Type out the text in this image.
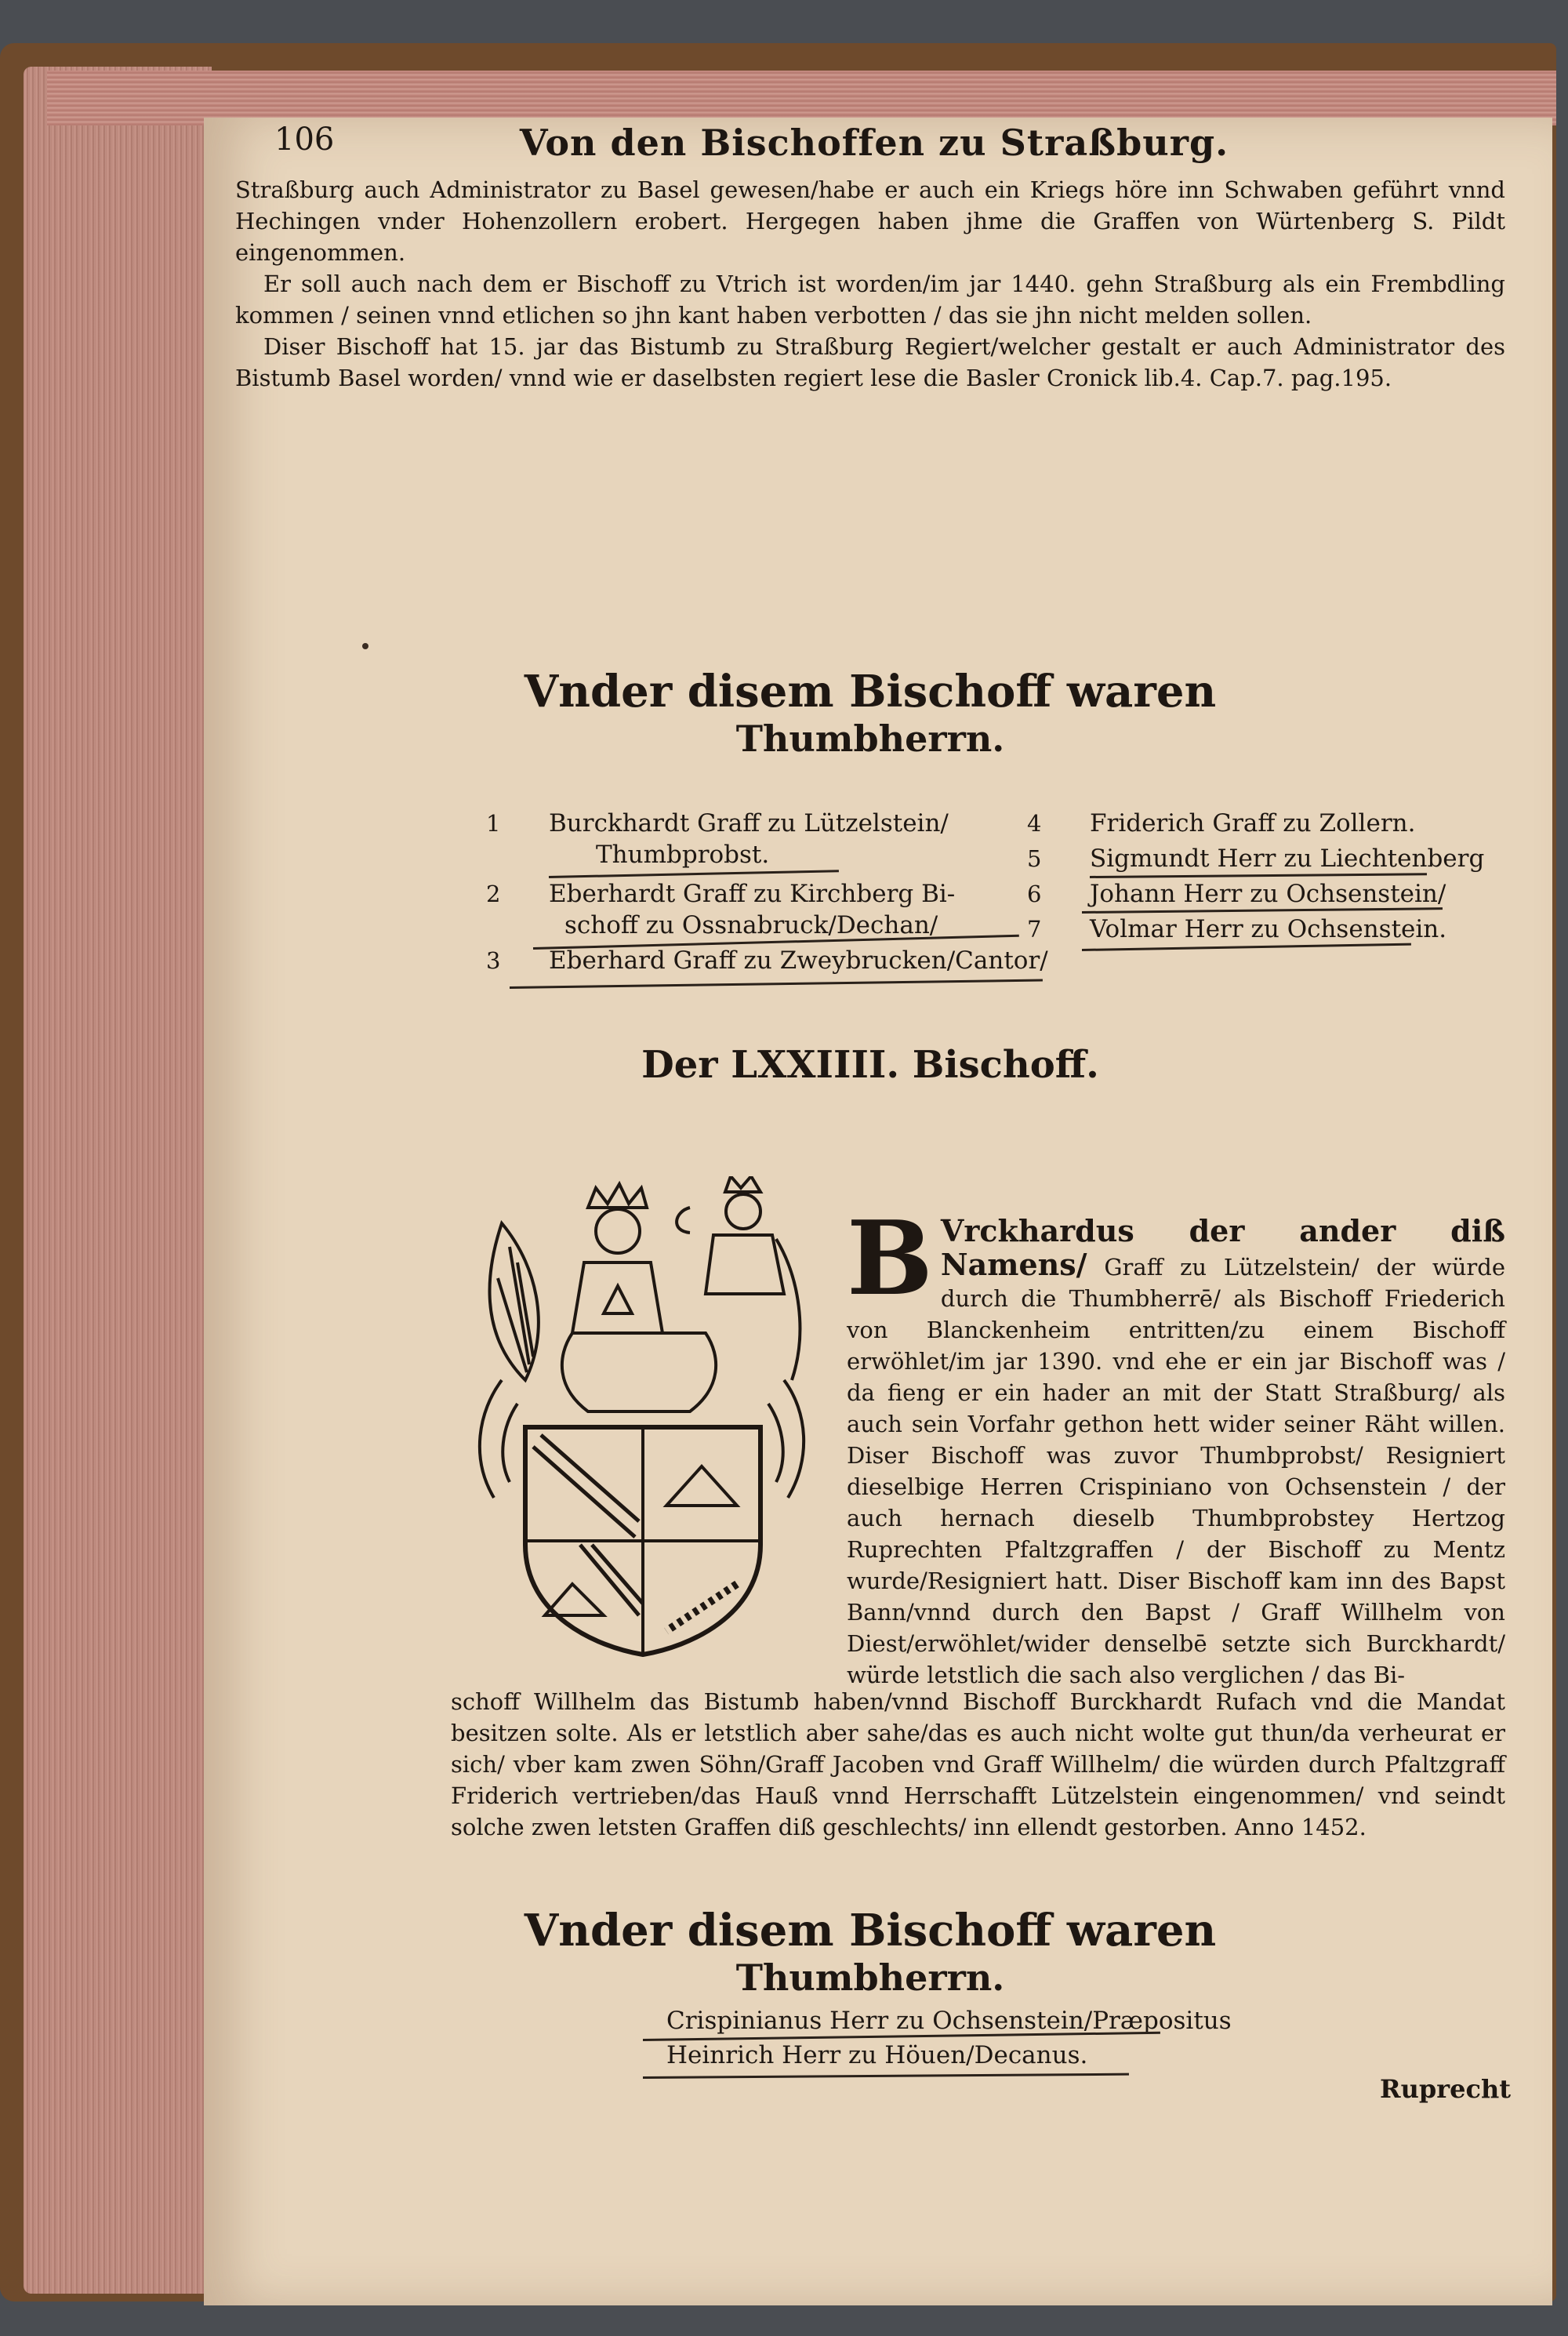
106	Von den Bischoffen zu Straßburg.

Straßburg auch Administrator zu Basel gewesen/habe er auch ein Kriegs höre inn Schwaben geführt vnnd Hechingen vnder Hohenzollern erobert. Hergegen haben jhme die Graffen von Würtenberg S. Pildt eingenommen.

Er soll auch nach dem er Bischoff zu Vtrich ist worden/im jar 1440. gehn Straßburg als ein Frembdling kommen / seinen vnnd etlichen so jhn kant haben verbotten / das sie jhn nicht melden sollen.

Diser Bischoff hat 15. jar das Bistumb zu Straßburg Regiert/welcher gestalt er auch Administrator des Bistumb Basel worden/ vnnd wie er daselbsten regiert lese die Basler Cronick lib.4. Cap.7. pag.195.

Vnder disem Bischoff waren
Thumbherrn.
1	Burckhardt Graff zu Lützelstein/
Thumbprobst.
2	Eberhardt Graff zu Kirchberg Bi-
schoff zu Ossnabruck/Dechan/
3	Eberhard Graff zu Zweybrucken/Cantor/
4	Friderich Graff zu Zollern.
5	Sigmundt Herr zu Liechtenberg
6	Johann Herr zu Ochsenstein/
7	Volmar Herr zu Ochsenstein.
Der LXXIIII. Bischoff.
B Vrckhardus der ander diß Namens/ Graff zu Lützelstein/ der würde durch die Thumbherrē/ als Bischoff Friederich von Blanckenheim entritten/zu einem Bischoff erwöhlet/im jar 1390. vnd ehe er ein jar Bischoff was / da fieng er ein hader an mit der Statt Straßburg/ als auch sein Vorfahr gethon hett wider seiner Räht willen. Diser Bischoff was zuvor Thumbprobst/ Resigniert dieselbige Herren Crispiniano von Ochsenstein / der auch hernach dieselb Thumbprobstey Hertzog Ruprechten Pfaltzgraffen / der Bischoff zu Mentz wurde/Resigniert hatt. Diser Bischoff kam inn des Bapst Bann/vnnd durch den Bapst / Graff Willhelm von Diest/erwöhlet/wider denselbē setzte sich Burckhardt/ würde letstlich die sach also verglichen / das Bi-
schoff Willhelm das Bistumb haben/vnnd Bischoff Burckhardt Rufach vnd die Mandat besitzen solte. Als er letstlich aber sahe/das es auch nicht wolte gut thun/da verheurat er sich/ vber kam zwen Söhn/Graff Jacoben vnd Graff Willhelm/ die würden durch Pfaltzgraff Friderich vertrieben/das Hauß vnnd Herrschafft Lützelstein eingenommen/ vnd seindt solche zwen letsten Graffen diß geschlechts/ inn ellendt gestorben. Anno 1452.
Vnder disem Bischoff waren
Thumbherrn.
Crispinianus Herr zu Ochsenstein/Præpositus
Heinrich Herr zu Höuen/Decanus.
Ruprecht
